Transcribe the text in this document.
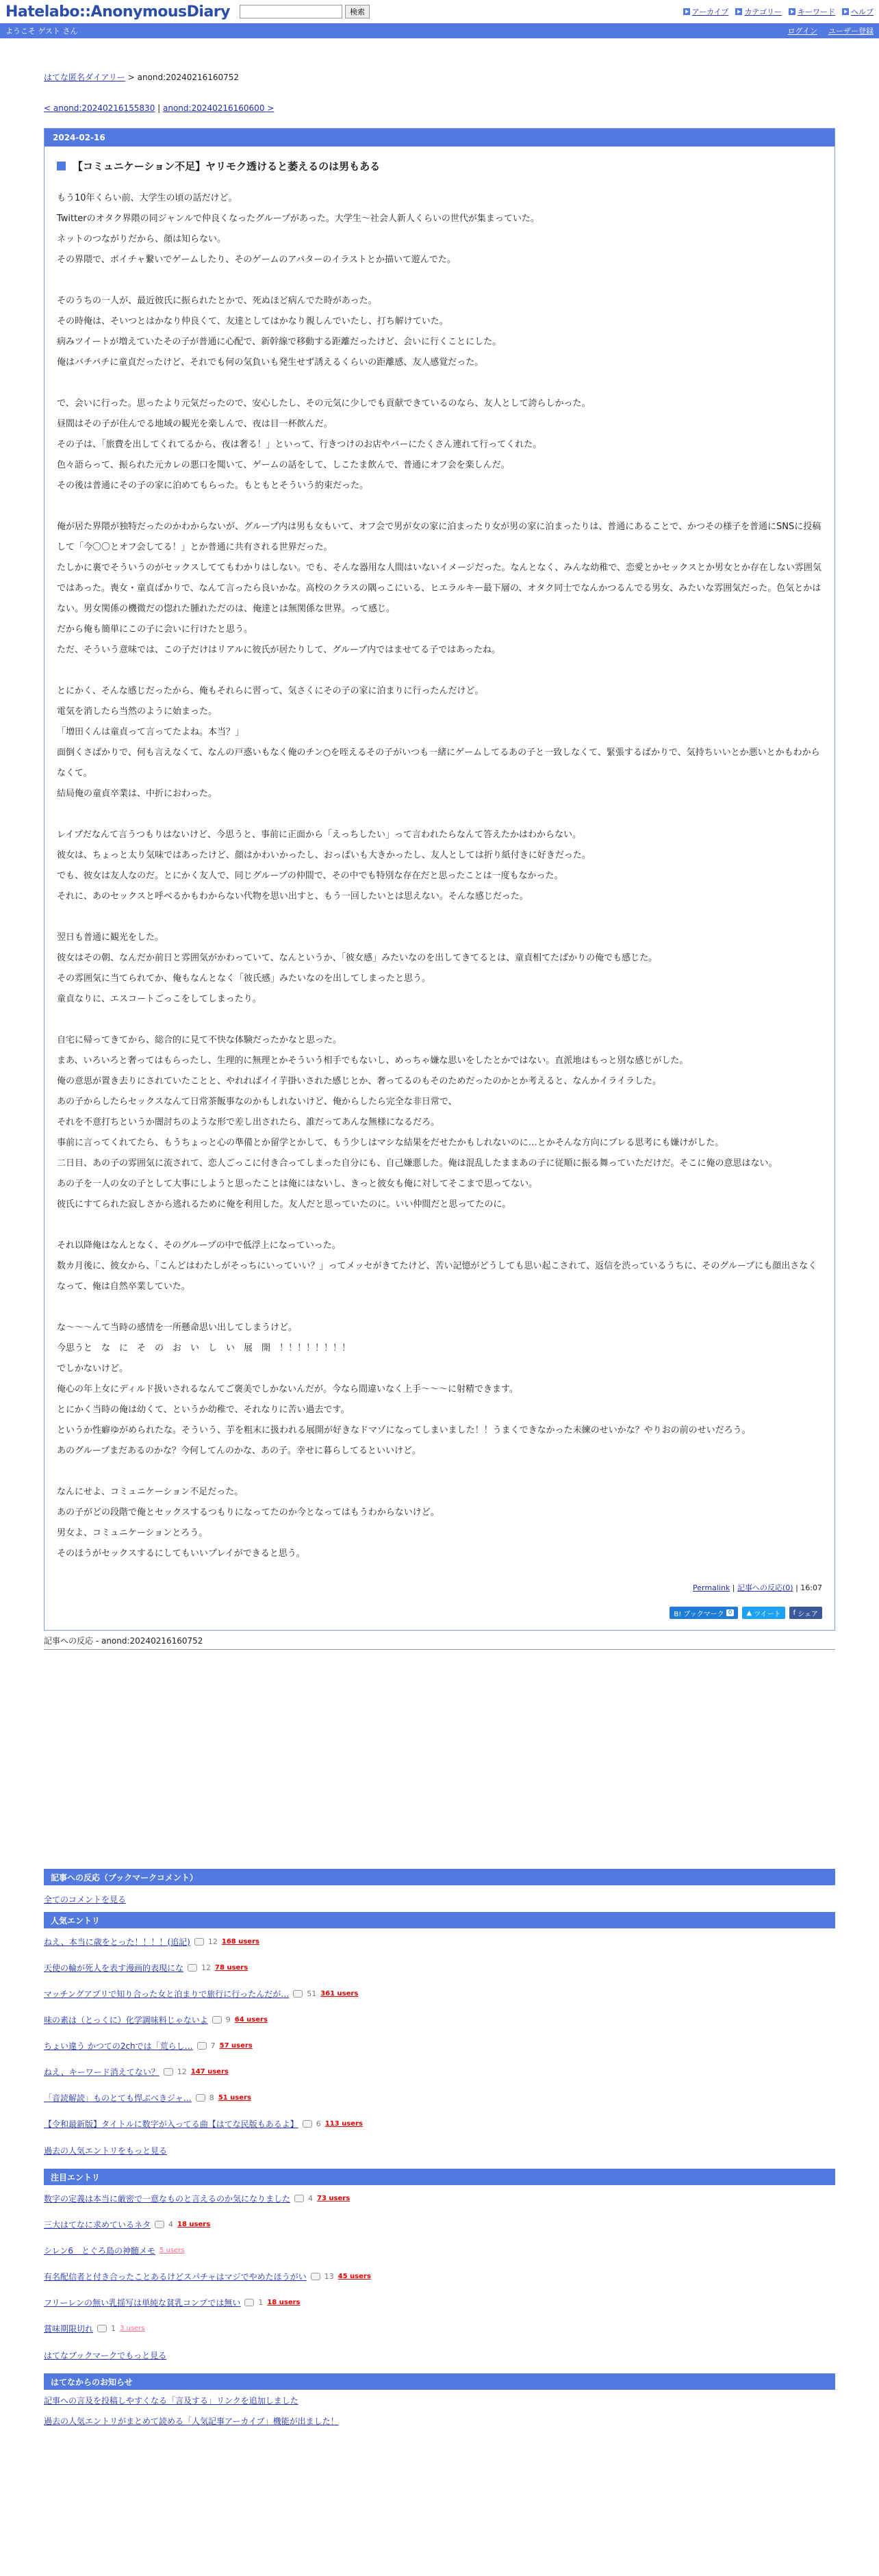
Hatelabo::AnonymousDiary	検索	アーカイブ カテゴリー キーワード ヘルプ
ようこそ ゲスト さん	ログイン ユーザー登録
はてな匿名ダイアリー > anond:20240216160752
< anond:20240216155830 | anond:20240216160600 >
2024-02-16
【コミュニケーション不足】ヤリモク透けると萎えるのは男もある

もう10年くらい前、大学生の頃の話だけど。

Twitterのオタク界隈の同ジャンルで仲良くなったグループがあった。大学生〜社会人新人くらいの世代が集まっていた。

ネットのつながりだから、顔は知らない。

その界隈で、ボイチャ繋いでゲームしたり、そのゲームのアバターのイラストとか描いて遊んでた。

そのうちの一人が、最近彼氏に振られたとかで、死ぬほど病んでた時があった。

その時俺は、そいつとはかなり仲良くて、友達としてはかなり親しんでいたし、打ち解けていた。

病みツイートが増えていたその子が普通に心配で、新幹線で移動する距離だったけど、会いに行くことにした。

俺はバチバチに童貞だったけど、それでも何の気負いも発生せず誘えるくらいの距離感、友人感覚だった。

で、会いに行った。思ったより元気だったので、安心したし、その元気に少しでも貢献できているのなら、友人として誇らしかった。

昼間はその子が住んでる地域の観光を楽しんで、夜は目一杯飲んだ。

その子は、「旅費を出してくれてるから、夜は奢る！」といって、行きつけのお店やバーにたくさん連れて行ってくれた。

色々語らって、振られた元カレの悪口を聞いて、ゲームの話をして、しこたま飲んで、普通にオフ会を楽しんだ。

その後は普通にその子の家に泊めてもらった。もともとそういう約束だった。

俺が居た界隈が独特だったのかわからないが、グループ内は男も女もいて、オフ会で男が女の家に泊まったり女が男の家に泊まったりは、普通にあることで、かつその様子を普通にSNSに投稿して「今〇〇とオフ会してる！」とか普通に共有される世界だった。

たしかに裏でそういうのがセックスしててもわかりはしない。でも、そんな器用な人間はいないイメージだった。なんとなく、みんな幼稚で、恋愛とかセックスとか男女とか存在しない雰囲気ではあった。喪女・童貞ばかりで、なんて言ったら良いかな。高校のクラスの隅っこにいる、ヒエラルキー最下層の、オタク同士でなんかつるんでる男女、みたいな雰囲気だった。色気とかはない。男女関係の機微だの惚れた腫れただのは、俺達とは無関係な世界。って感じ。

だから俺も簡単にこの子に会いに行けたと思う。

ただ、そういう意味では、この子だけはリアルに彼氏が居たりして、グループ内ではませてる子ではあったね。

とにかく、そんな感じだったから、俺もそれらに習って、気さくにその子の家に泊まりに行ったんだけど。

電気を消したら当然のように始まった。

「増田くんは童貞って言ってたよね。本当？」

面倒くさばかりで、何も言えなくて、なんの戸惑いもなく俺のチン○を咥えるその子がいつも一緒にゲームしてるあの子と一致しなくて、緊張するばかりで、気持ちいいとか悪いとかもわからなくて。

結局俺の童貞卒業は、中折におわった。

レイプだなんて言うつもりはないけど、今思うと、事前に正面から「えっちしたい」って言われたらなんて答えたかはわからない。

彼女は、ちょっと太り気味ではあったけど、顔はかわいかったし、おっぱいも大きかったし、友人としては折り紙付きに好きだった。

でも、彼女は友人なのだ。とにかく友人で、同じグループの仲間で、その中でも特別な存在だと思ったことは一度もなかった。

それに、あのセックスと呼べるかもわからない代物を思い出すと、もう一回したいとは思えない。そんな感じだった。

翌日も普通に観光をした。

彼女はその朝、なんだか前日と雰囲気がかわっていて、なんというか、「彼女感」みたいなのを出してきてるとは、童貞相てたばかりの俺でも感じた。

その雰囲気に当てられてか、俺もなんとなく「彼氏感」みたいなのを出してしまったと思う。

童貞なりに、エスコートごっこをしてしまったり。

自宅に帰ってきてから、総合的に見て不快な体験だったかなと思った。

まあ、いろいろと奢ってはもらったし、生理的に無理とかそういう相手でもないし、めっちゃ嫌な思いをしたとかではない。直派地はもっと別な感じがした。

俺の意思が置き去りにされていたことと、やれればイイ芋掛いされた感じとか、奢ってるのもそのためだったのかとか考えると、なんかイライラした。

あの子からしたらセックスなんて日常茶飯事なのかもしれないけど、俺からしたら完全な非日常で、

それを不意打ちというか闇討ちのような形で差し出されたら、誰だってあんな無様になるだろ。

事前に言ってくれてたら、もうちょっと心の準備とか留学とかして、もう少しはマシな結果をだせたかもしれないのに…とかそんな方向にブレる思考にも嫌けがした。

二日目、あの子の雰囲気に流されて、恋人ごっこに付き合ってしまった自分にも、自己嫌悪した。俺は混乱したままあの子に従順に振る舞っていただけだ。そこに俺の意思はない。

あの子を一人の女の子として大事にしようと思ったことは俺にはないし、きっと彼女も俺に対してそこまで思ってない。

彼氏にすてられた寂しさから逃れるために俺を利用した。友人だと思っていたのに。いい仲間だと思ってたのに。

それ以降俺はなんとなく、そのグループの中で低浮上になっていった。

数カ月後に、彼女から、「こんどはわたしがそっちにいっていい？」ってメッセがきてたけど、苦い記憶がどうしても思い起こされて、返信を渋っているうちに、そのグループにも顔出さなくなって、俺は自然卒業していた。

な〜〜〜んて当時の感情を一所懸命思い出してしまうけど。

今思うと　な　に　そ　の　お　い　し　い　展　開　！！！！！！！！

でしかないけど。

俺心の年上女にディルド扱いされるなんてご褒美でしかないんだが。今なら間違いなく上手〜〜〜に射精できます。

とにかく当時の俺は幼くて、というか幼稚で、それなりに苦い過去です。

というか性癖ゆがめられたな。そういう、芋を粗末に扱われる展開が好きなドマゾになってしまいました！！うまくできなかった未練のせいかな？やりおの前のせいだろう。

あのグループまだあるのかな？今何してんのかな、あの子。幸せに暮らしてるといいけど。

なんにせよ、コミュニケーション不足だった。

あの子がどの段階で俺とセックスするつもりになってたのか今となってはもうわからないけど。

男女よ、コミュニケーションとろう。

そのほうがセックスするにしてもいいプレイができると思う。

Permalink | 記事への反応(0) | 16:07
B! ブックマーク 0	▲ ツイート f シェア
記事への反応 - anond:20240216160752
記事への反応（ブックマークコメント）
全てのコメントを見る
人気エントリ
ねえ、本当に歳をとった！！！！(追記) 12 168 users
天使の輪が死人を表す漫画的表現にな 12 78 users
マッチングアプリで知り合った女と泊まりで旅行に行ったんだが… 51 361 users
味の素は（とっくに）化学調味料じゃないよ 9 64 users
ちょい違う かつての2chでは「荒らし… 7 57 users
ねえ、キーワード消えてない？ 12 147 users
「音読解読」ものとても悍ぶべきジャ… 8 51 users
【令和最新版】タイトルに数字が入ってる曲【はてな民版もあるよ】 6 113 users
過去の人気エントリをもっと見る
注目エントリ
数字の定義は本当に厳密で一意なものと言えるのか気になりました 4 73 users
三大はてなに求めているネタ 4 18 users
シレン6　とぐろ島の神髄メモ 5 users
有名配信者と付き合ったことあるけどスパチャはマジでやめたほうがい 13 45 users
フリーレンの無い乳揺写は単純な貧乳コンプでは無い 1 18 users
賞味期限切れ 1 3 users
はてなブックマークでもっと見る
はてなからのお知らせ
記事への言及を投稿しやすくなる「言及する」リンクを追加しました
過去の人気エントリがまとめて読める「人気記事アーカイブ」機能が出ました！
